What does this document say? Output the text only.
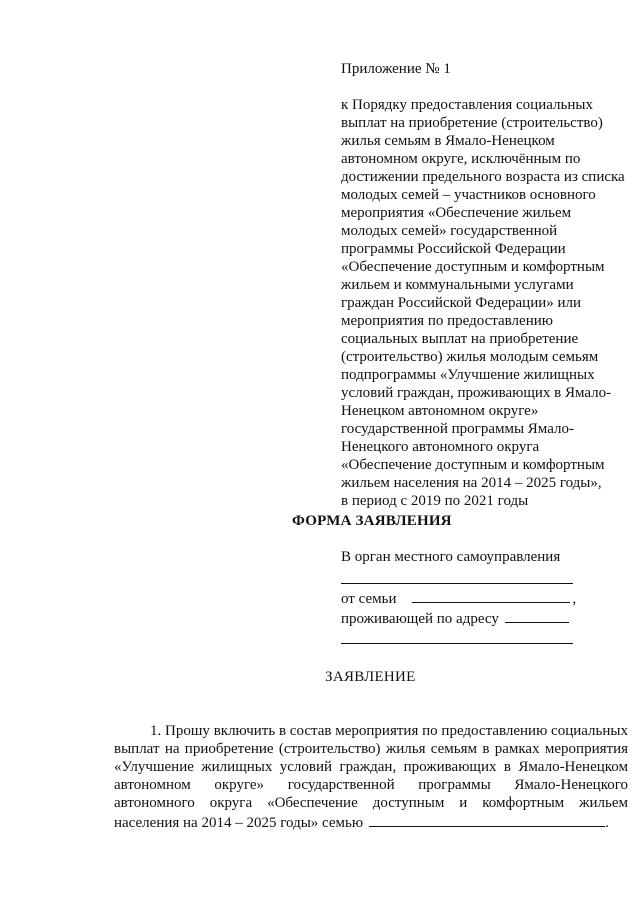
Приложение № 1
к Порядку предоставления социальных
выплат на приобретение (строительство)
жилья семьям в Ямало-Ненецком
автономном округе, исключённым по
достижении предельного возраста из списка
молодых семей – участников основного
мероприятия «Обеспечение жильем
молодых семей» государственной
программы Российской Федерации
«Обеспечение доступным и комфортным
жильем и коммунальными услугами
граждан Российской Федерации» или
мероприятия по предоставлению
социальных выплат на приобретение
(строительство) жилья молодым семьям
подпрограммы «Улучшение жилищных
условий граждан, проживающих в Ямало-
Ненецком автономном округе»
государственной программы Ямало-
Ненецкого автономного округа
«Обеспечение доступным и комфортным
жильем населения на 2014 – 2025 годы»,
в период с 2019 по 2021 годы
ФОРМА ЗАЯВЛЕНИЯ
В орган местного самоуправления
от семьи	,
проживающей по адресу
ЗАЯВЛЕНИЕ
1. Прошу включить в состав мероприятия по предоставлению социальных
выплат на приобретение (строительство) жилья семьям в рамках мероприятия
«Улучшение жилищных условий граждан, проживающих в Ямало-Ненецком
автономном округе» государственной программы Ямало-Ненецкого
автономного округа «Обеспечение доступным и комфортным жильем
населения на 2014 – 2025 годы» семью	.
